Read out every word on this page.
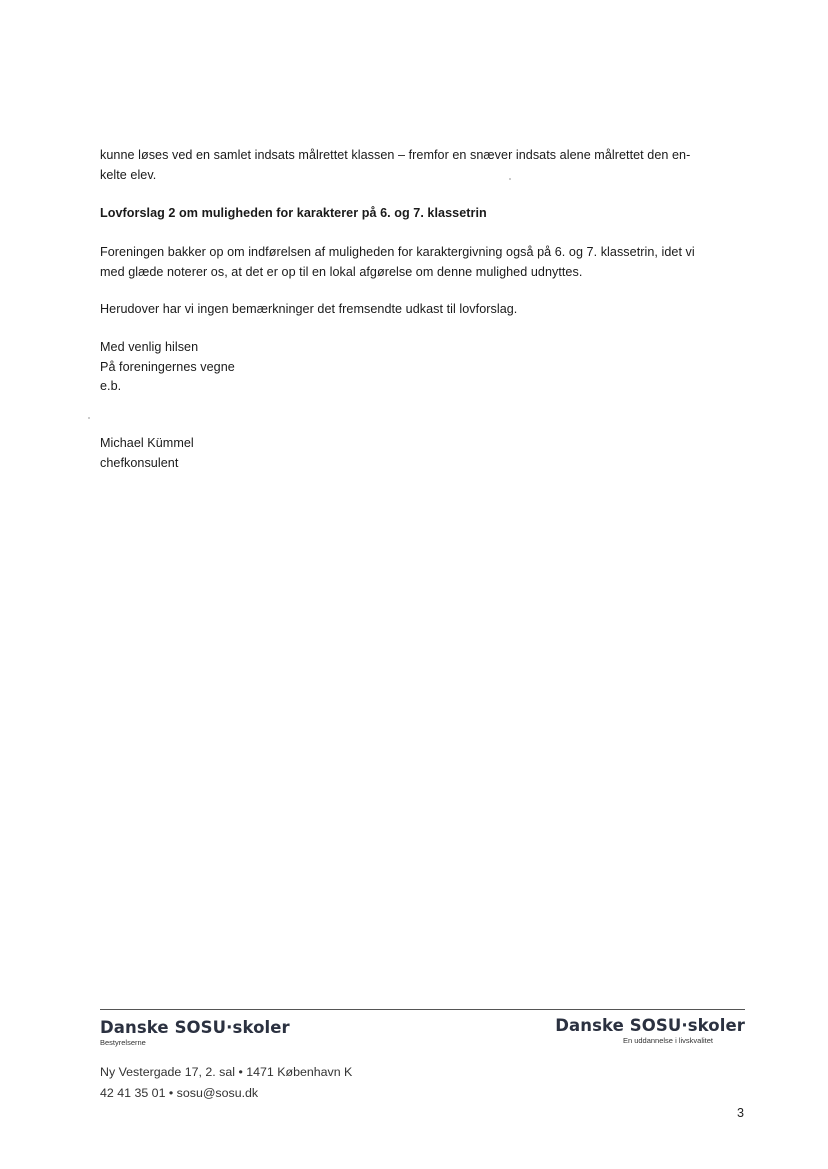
kunne løses ved en samlet indsats målrettet klassen – fremfor en snæver indsats alene målrettet den en-
kelte elev.
Lovforslag 2 om muligheden for karakterer på 6. og 7. klassetrin
Foreningen bakker op om indførelsen af muligheden for karaktergivning også på 6. og 7. klassetrin, idet vi
med glæde noterer os, at det er op til en lokal afgørelse om denne mulighed udnyttes.
Herudover har vi ingen bemærkninger det fremsendte udkast til lovforslag.
Med venlig hilsen
På foreningernes vegne
e.b.
Michael Kümmel
chefkonsulent
Danske SOSU·skoler
Bestyrelserne
Danske SOSU·skoler
En uddannelse i livskvalitet
Ny Vestergade 17, 2. sal • 1471 København K
42 41 35 01 • sosu@sosu.dk
3
